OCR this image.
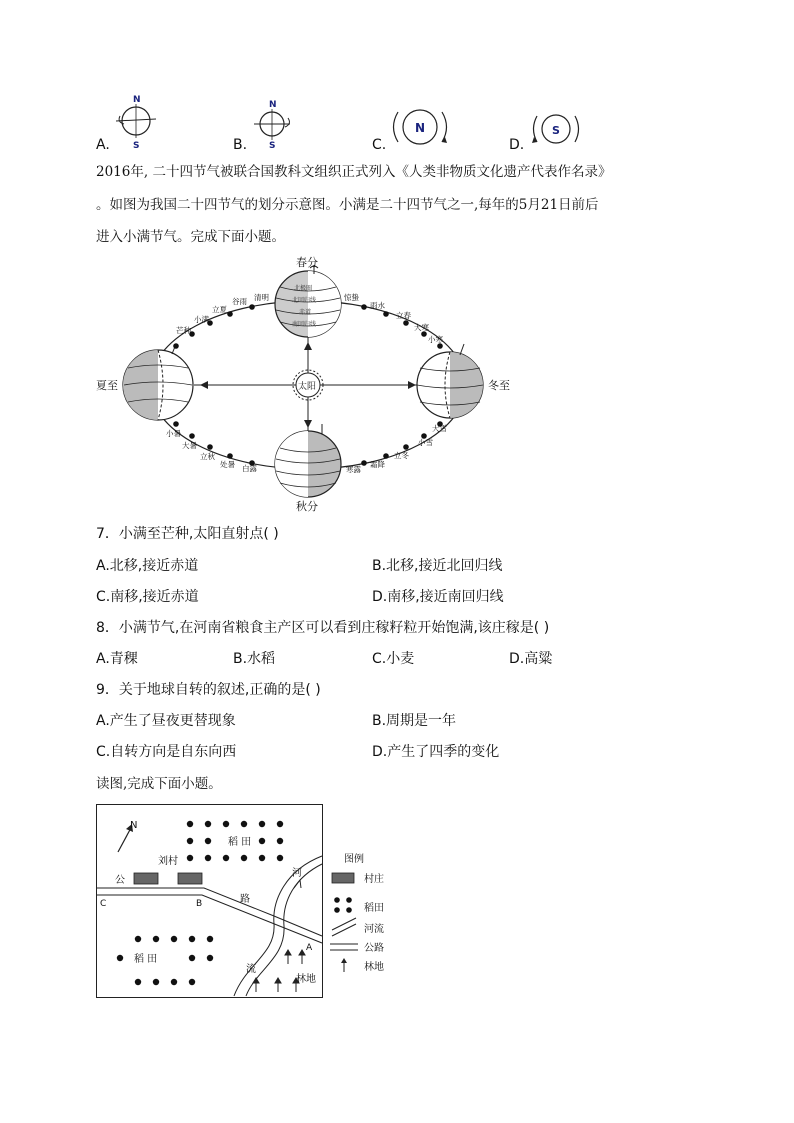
A.
N
S	B.
N
S	C.
N
D.
S
2016年, 二十四节气被联合国教科文组织正式列入《人类非物质文化遗产代表作名录》
。如图为我国二十四节气的划分示意图。小满是二十四节气之一,每年的5月21日前后
进入小满节气。完成下面小题。
太阳
北极圈
北回归线
赤道
南回归线
春分
夏至	冬至
秋分
立夏
谷雨 清明
小满
芒种
惊蛰
雨水
立春
大寒
小寒
小暑
大暑
立秋
处暑 白露
大雪
小雪
立冬
霜降
寒露
7．小满至芒种,太阳直射点( )
A.北移,接近赤道	B.北移,接近北回归线
C.南移,接近赤道	D.南移,接近南回归线
8．小满节气,在河南省粮食主产区可以看到庄稼籽粒开始饱满,该庄稼是( )
A.青稞	B.水稻	C.小麦	D.高粱
9．关于地球自转的叙述,正确的是( )
A.产生了昼夜更替现象	B.周期是一年
C.自转方向是自东向西	D.产生了四季的变化
读图,完成下面小题。
N
稻 田
刘村
公
C	B	路
河
流
A
稻 田
林地
图例
村庄
稻田
河流
公路
林地
